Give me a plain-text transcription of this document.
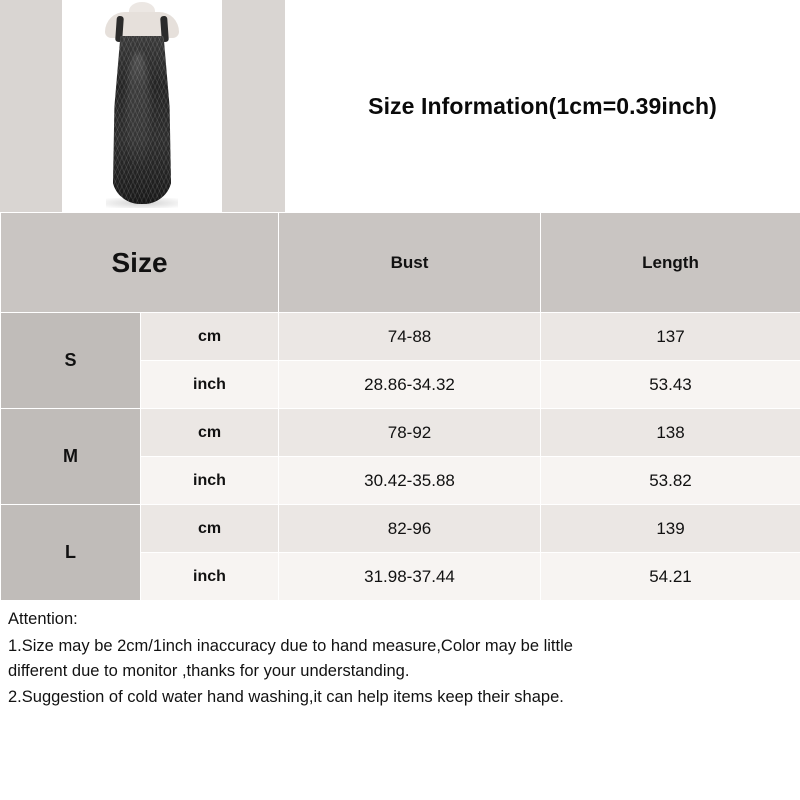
Size Information(1cm=0.39inch)
Size		Bust	Length
S	cm	74-88	137
	inch	28.86-34.32	53.43
M	cm	78-92	138
	inch	30.42-35.88	53.82
L	cm	82-96	139
	inch	31.98-37.44	54.21
Attention:
1.Size may be 2cm/1inch inaccuracy due to hand measure,Color may be little
different due to monitor ,thanks for your understanding.
2.Suggestion of cold water hand washing,it can help items keep their shape.
